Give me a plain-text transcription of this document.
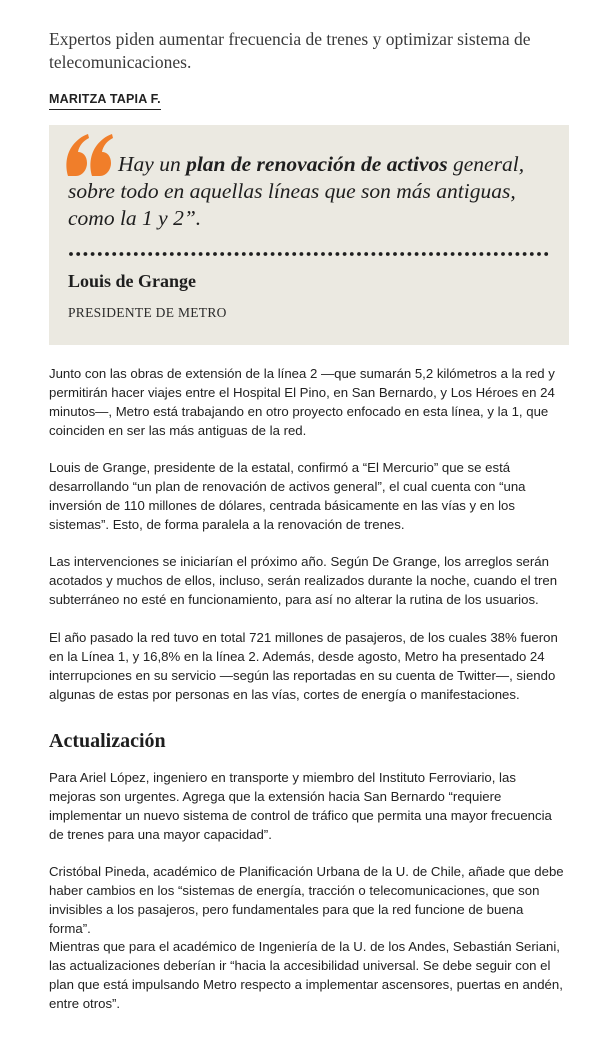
Expertos piden aumentar frecuencia de trenes y optimizar sistema de telecomunicaciones.

MARITZA TAPIA F.

Hay un plan de renovación de activos general, sobre todo en aquellas líneas que son más antiguas, como la 1 y 2”.

Louis de Grange
PRESIDENTE DE METRO

Junto con las obras de extensión de la línea 2 —que sumarán 5,2 kilómetros a la red y permitirán hacer viajes entre el Hospital El Pino, en San Bernardo, y Los Héroes en 24 minutos—, Metro está trabajando en otro proyecto enfocado en esta línea, y la 1, que coinciden en ser las más antiguas de la red.

Louis de Grange, presidente de la estatal, confirmó a “El Mercurio” que se está desarrollando “un plan de renovación de activos general”, el cual cuenta con “una inversión de 110 millones de dólares, centrada básicamente en las vías y en los sistemas”. Esto, de forma paralela a la renovación de trenes.

Las intervenciones se iniciarían el próximo año. Según De Grange, los arreglos serán acotados y muchos de ellos, incluso, serán realizados durante la noche, cuando el tren subterráneo no esté en funcionamiento, para así no alterar la rutina de los usuarios.

El año pasado la red tuvo en total 721 millones de pasajeros, de los cuales 38% fueron en la Línea 1, y 16,8% en la línea 2. Además, desde agosto, Metro ha presentado 24 interrupciones en su servicio —según las reportadas en su cuenta de Twitter—, siendo algunas de estas por personas en las vías, cortes de energía o manifestaciones.

Actualización

Para Ariel López, ingeniero en transporte y miembro del Instituto Ferroviario, las mejoras son urgentes. Agrega que la extensión hacia San Bernardo “requiere implementar un nuevo sistema de control de tráfico que permita una mayor frecuencia de trenes para una mayor capacidad”.

Cristóbal Pineda, académico de Planificación Urbana de la U. de Chile, añade que debe haber cambios en los “sistemas de energía, tracción o telecomunicaciones, que son invisibles a los pasajeros, pero fundamentales para que la red funcione de buena forma”.

Mientras que para el académico de Ingeniería de la U. de los Andes, Sebastián Seriani, las actualizaciones deberían ir “hacia la accesibilidad universal. Se debe seguir con el plan que está impulsando Metro respecto a implementar ascensores, puertas en andén, entre otros”.
